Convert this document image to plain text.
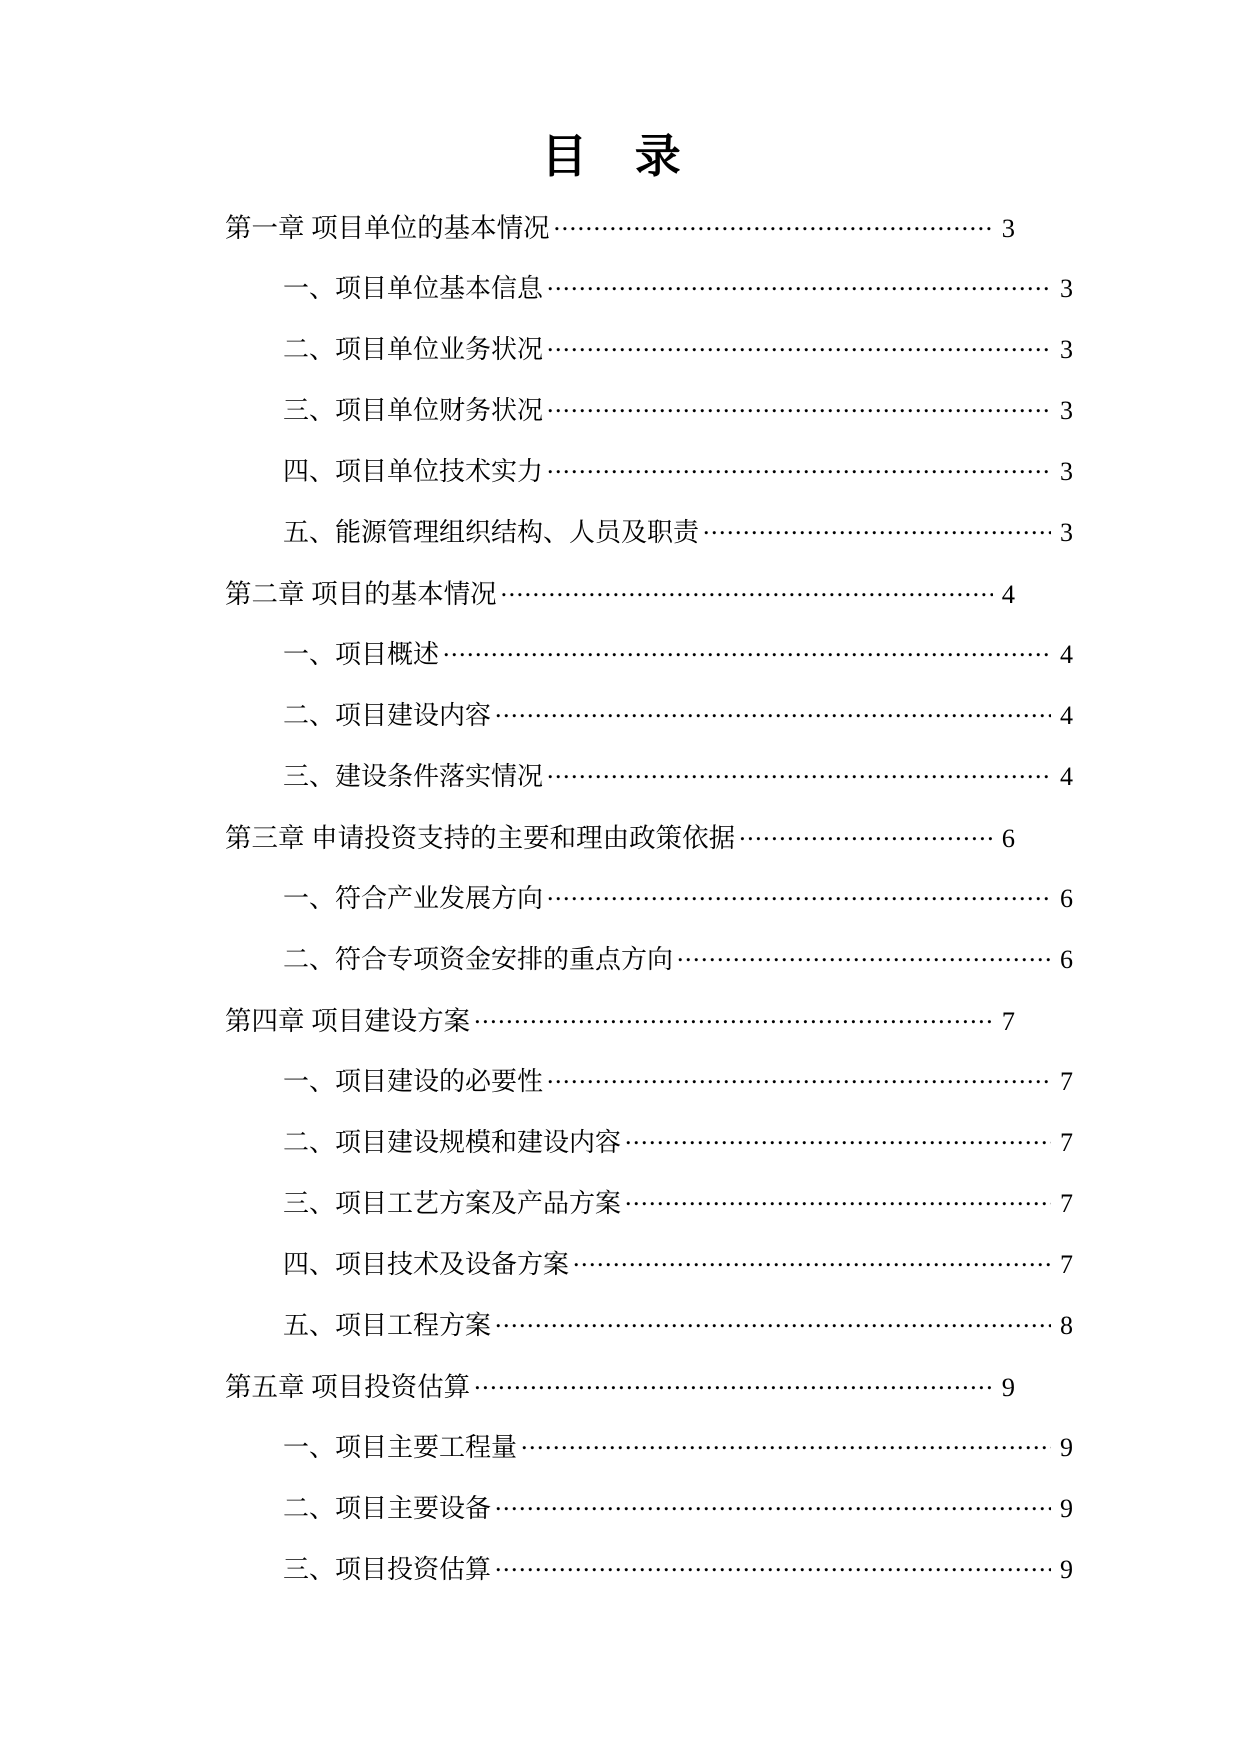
目 录
第一章 项目单位的基本情况 .....	3
一、项目单位基本信息 .....	3
二、项目单位业务状况 .....	3
三、项目单位财务状况 .....	3
四、项目单位技术实力 .....	3
五、能源管理组织结构、人员及职责 .....	3
第二章 项目的基本情况 .....	4
一、项目概述 .....	4
二、项目建设内容 .....	4
三、建设条件落实情况 .....	4
第三章 申请投资支持的主要和理由政策依据 .....	6
一、符合产业发展方向 .....	6
二、符合专项资金安排的重点方向 .....	6
第四章 项目建设方案 .....	7
一、项目建设的必要性 .....	7
二、项目建设规模和建设内容 .....	7
三、项目工艺方案及产品方案 .....	7
四、项目技术及设备方案 .....	7
五、项目工程方案 .....	8
第五章 项目投资估算 .....	9
一、项目主要工程量 .....	9
二、项目主要设备 .....	9
三、项目投资估算 .....	9
